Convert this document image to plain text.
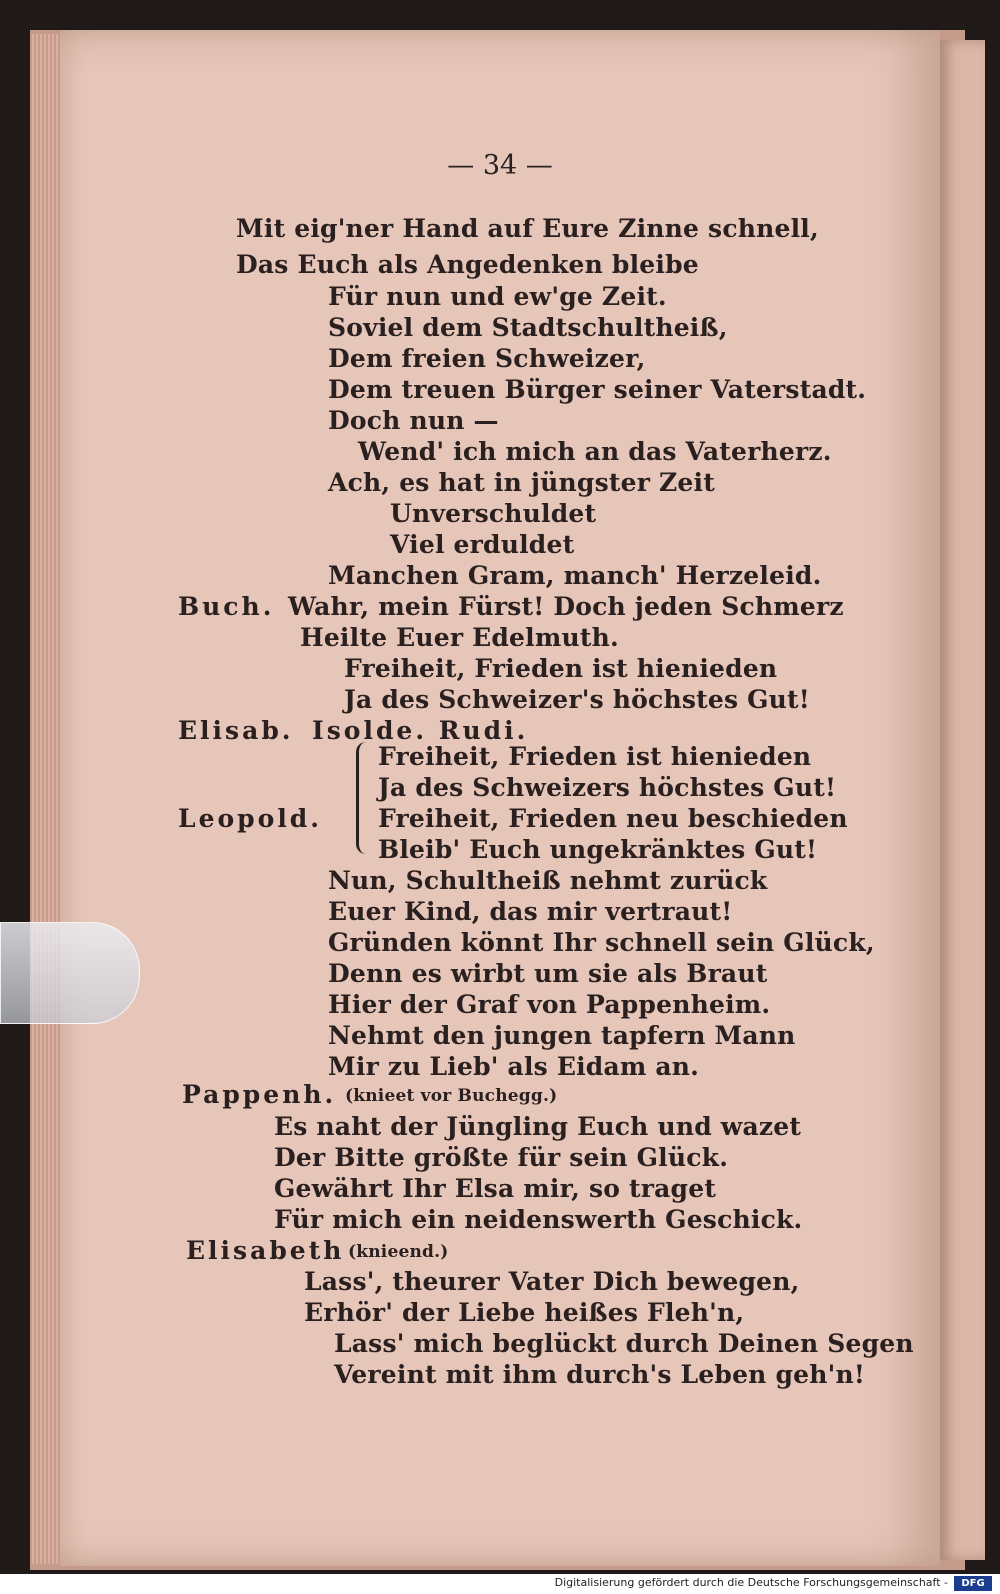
— 34 —
Mit eig'ner Hand auf Eure Zinne schnell,
Das Euch als Angedenken bleibe
Für nun und ew'ge Zeit.
Soviel dem Stadtschultheiß,
Dem freien Schweizer,
Dem treuen Bürger seiner Vaterstadt.
Doch nun —
Wend' ich mich an das Vaterherz.
Ach, es hat in jüngster Zeit
Unverschuldet
Viel erduldet
Manchen Gram, manch' Herzeleid.
Buch. Wahr, mein Fürst! Doch jeden Schmerz
Heilte Euer Edelmuth.
Freiheit, Frieden ist hienieden
Ja des Schweizer's höchstes Gut!
Elisab. Isolde. Rudi.
Freiheit, Frieden ist hienieden
Ja des Schweizers höchstes Gut!
Leopold. Freiheit, Frieden neu beschieden
Bleib' Euch ungekränktes Gut!
Nun, Schultheiß nehmt zurück
Euer Kind, das mir vertraut!
Gründen könnt Ihr schnell sein Glück,
Denn es wirbt um sie als Braut
Hier der Graf von Pappenheim.
Nehmt den jungen tapfern Mann
Mir zu Lieb' als Eidam an.
Pappenh. (knieet vor Buchegg.)
Es naht der Jüngling Euch und wazet
Der Bitte größte für sein Glück.
Gewährt Ihr Elsa mir, so traget
Für mich ein neidenswerth Geschick.
Elisabeth (knieend.)
Lass', theurer Vater Dich bewegen,
Erhör' der Liebe heißes Fleh'n,
Lass' mich beglückt durch Deinen Segen
Vereint mit ihm durch's Leben geh'n!
Digitalisierung gefördert durch die Deutsche Forschungsgemeinschaft -	DFG
